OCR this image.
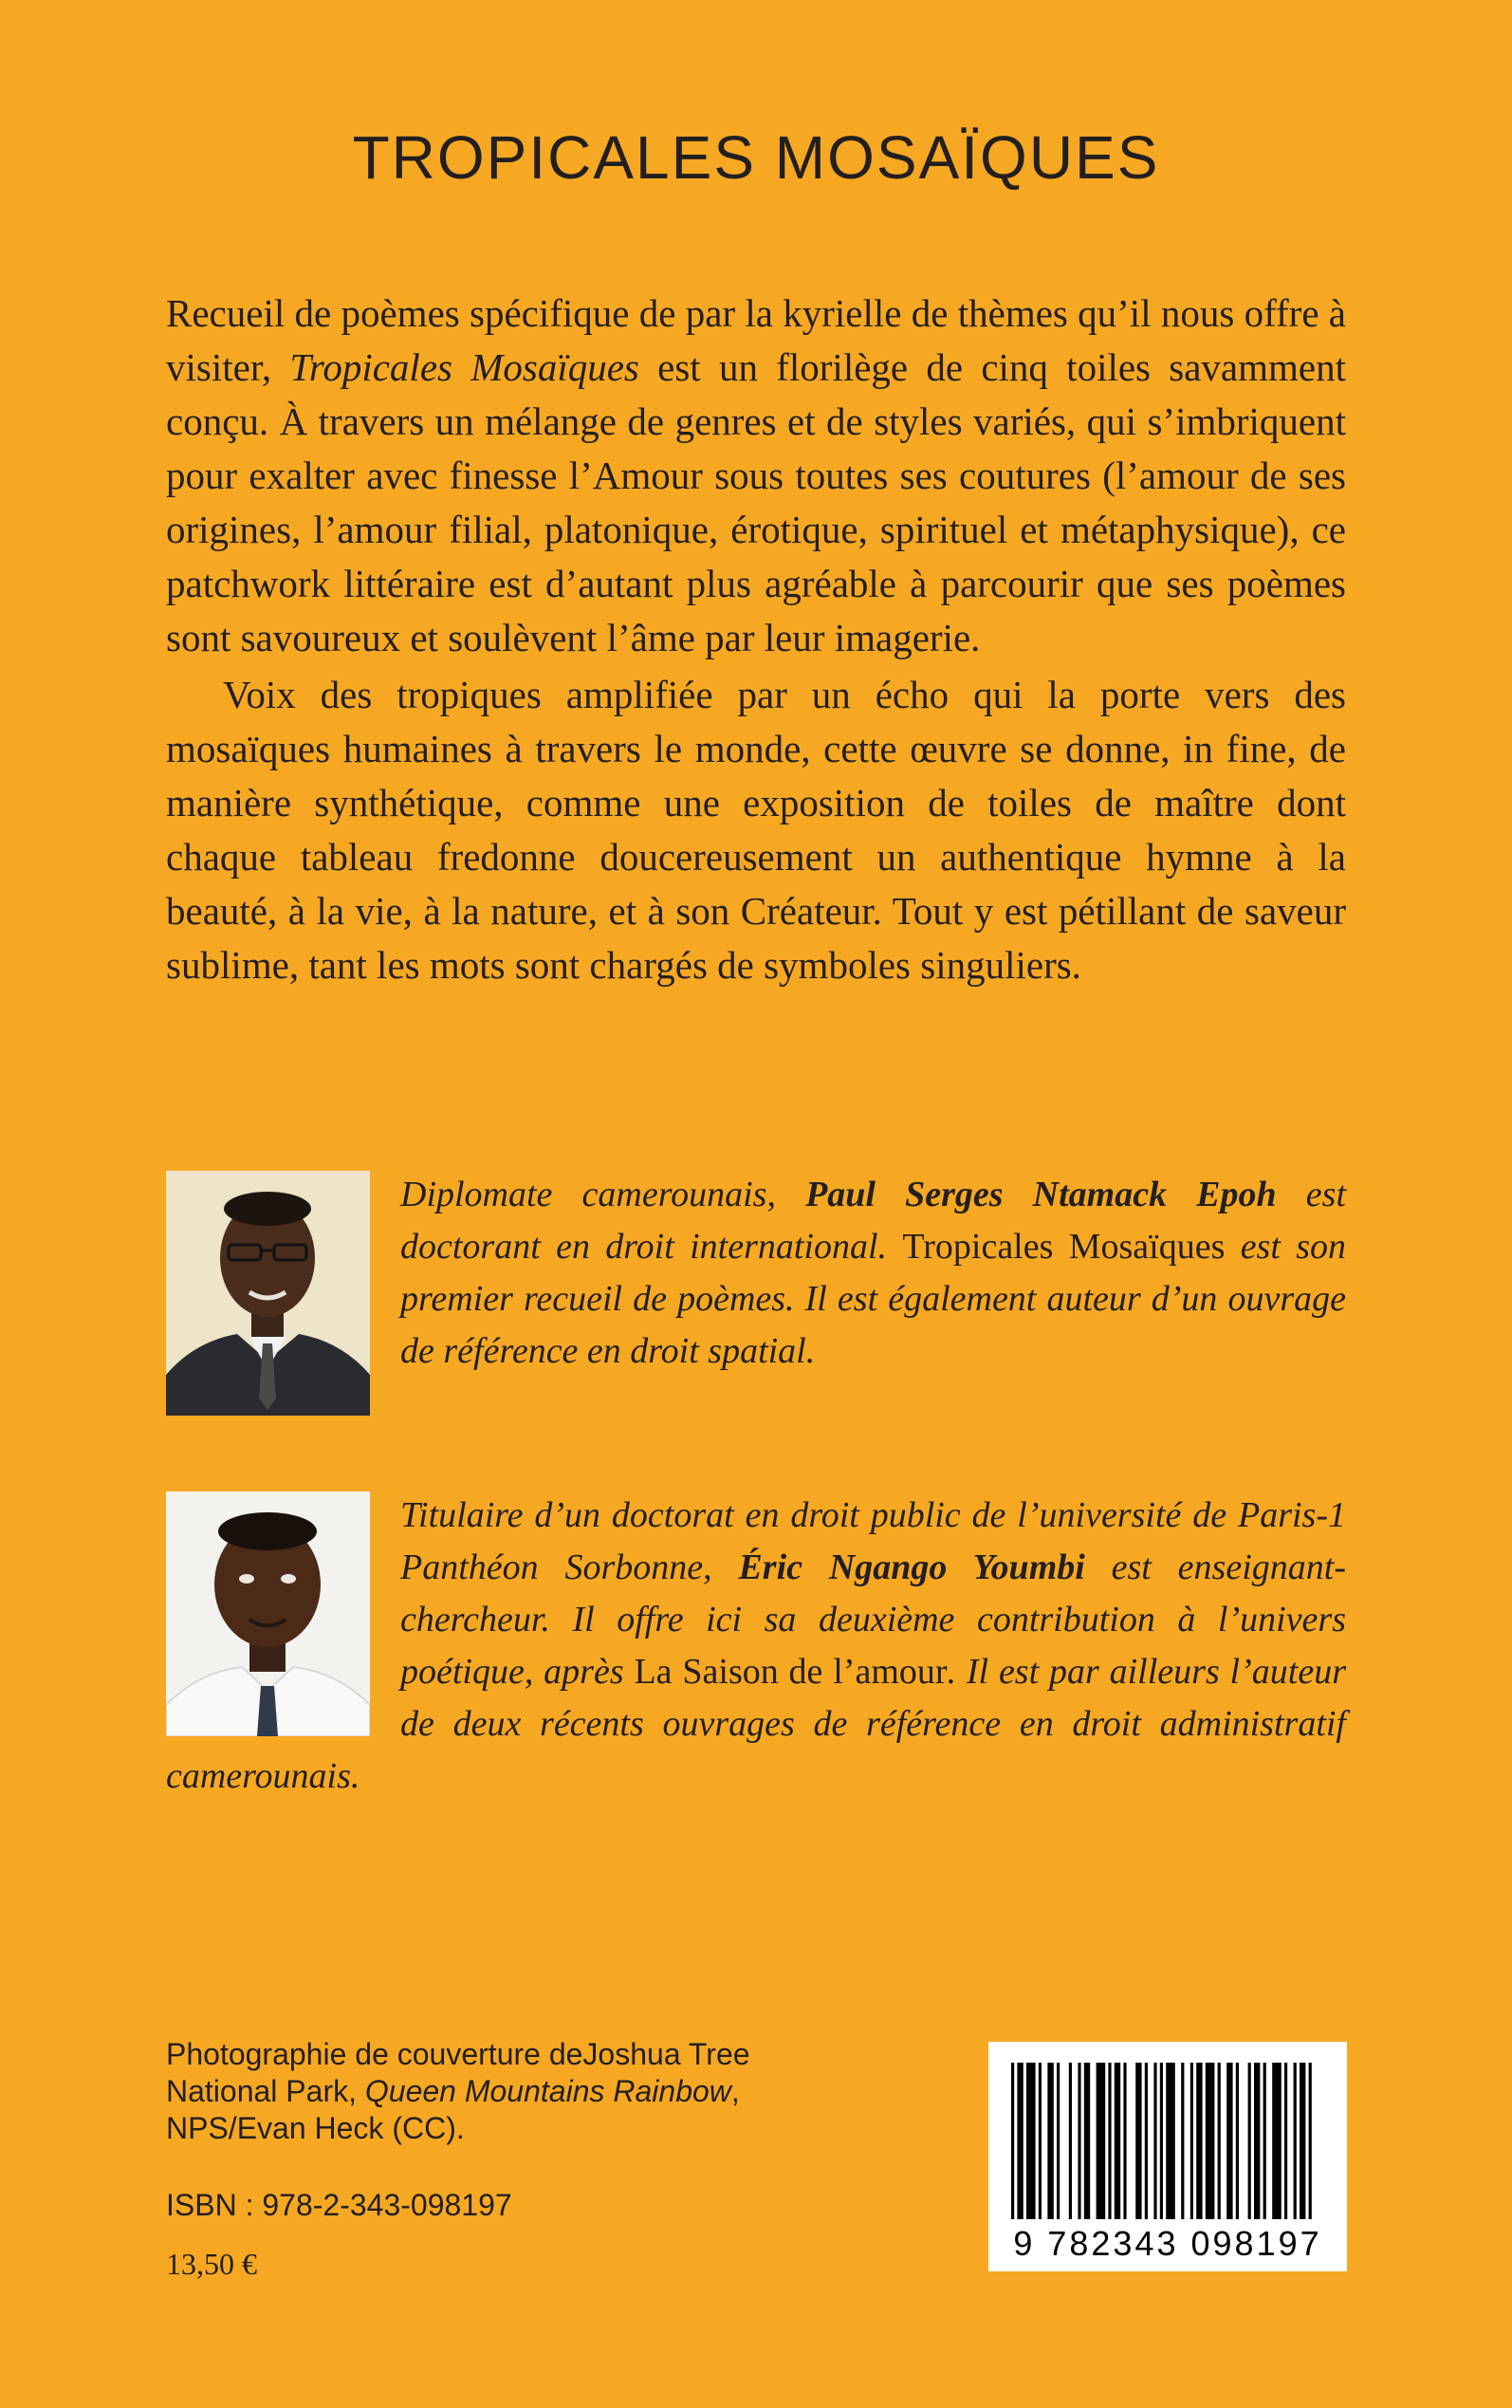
TROPICALES MOSAÏQUES

Recueil de poèmes spécifique de par la kyrielle de thèmes qu’il nous offre à visiter, Tropicales Mosaïques est un florilège de cinq toiles savamment conçu. À travers un mélange de genres et de styles variés, qui s’imbriquent pour exalter avec finesse l’Amour sous toutes ses coutures (l’amour de ses origines, l’amour filial, platonique, érotique, spirituel et métaphysique), ce patchwork littéraire est d’autant plus agréable à parcourir que ses poèmes sont savoureux et soulèvent l’âme par leur imagerie.

Voix des tropiques amplifiée par un écho qui la porte vers des mosaïques humaines à travers le monde, cette œuvre se donne, in fine, de manière synthétique, comme une exposition de toiles de maître dont chaque tableau fredonne doucereusement un authentique hymne à la beauté, à la vie, à la nature, et à son Créateur. Tout y est pétillant de saveur sublime, tant les mots sont chargés de symboles singuliers.

Diplomate camerounais, Paul Serges Ntamack Epoh est doctorant en droit international. Tropicales Mosaïques est son premier recueil de poèmes. Il est également auteur d’un ouvrage de référence en droit spatial.
Titulaire d’un doctorat en droit public de l’université de Paris-1 Panthéon Sorbonne, Éric Ngango Youmbi est enseignant-chercheur. Il offre ici sa deuxième contribution à l’univers poétique, après La Saison de l’amour. Il est par ailleurs l’auteur de deux récents ouvrages de référence en droit administratif camerounais.

Photographie de couverture deJoshua Tree

National Park, Queen Mountains Rainbow,

NPS/Evan Heck (CC).

ISBN : 978-2-343-098197
13,50 €
9 782343 098197
